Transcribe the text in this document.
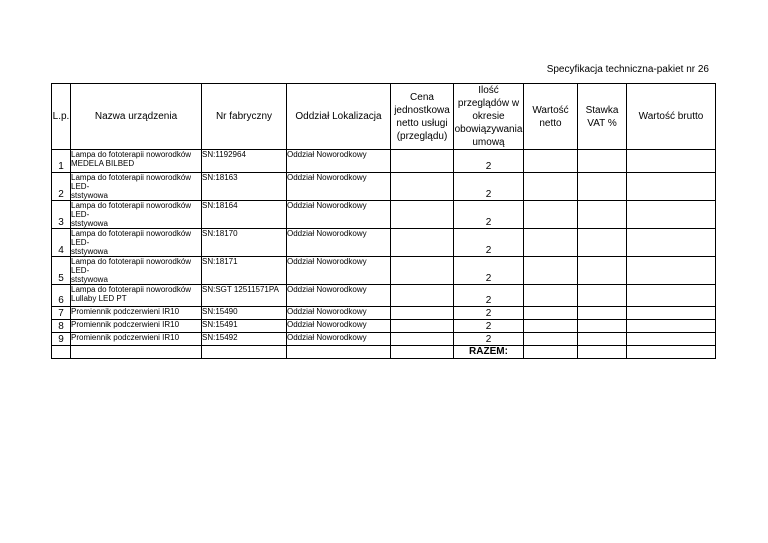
Specyfikacja techniczna-pakiet nr 26
L.p.	Nazwa urządzenia	Nr fabryczny	Oddział Lokalizacja	Cena jednostkowa netto usługi (przeglądu)	Ilość przeglądów w okresie obowiązywania umową	Wartość netto	Stawka VAT %	Wartość brutto
1	Lampa do fototerapii noworodków
MEDELA BILBED	SN:1192964	Oddział Noworodkowy		2			
2	Lampa do fototerapii noworodków LED-
ststywowa	SN:18163	Oddział Noworodkowy		2			
3	Lampa do fototerapii noworodków LED-
ststywowa	SN:18164	Oddział Noworodkowy		2			
4	Lampa do fototerapii noworodków LED-
ststywowa	SN:18170	Oddział Noworodkowy		2			
5	Lampa do fototerapii noworodków LED-
ststywowa	SN:18171	Oddział Noworodkowy		2			
6	Lampa do fototerapii noworodków
Lullaby LED PT	SN:SGT 12511571PA	Oddział Noworodkowy		2			
7	Promiennik podczerwieni IR10	SN:15490	Oddział Noworodkowy		2			
8	Promiennik podczerwieni IR10	SN:15491	Oddział Noworodkowy		2			
9	Promiennik podczerwieni IR10	SN:15492	Oddział Noworodkowy		2			
					RAZEM:			
